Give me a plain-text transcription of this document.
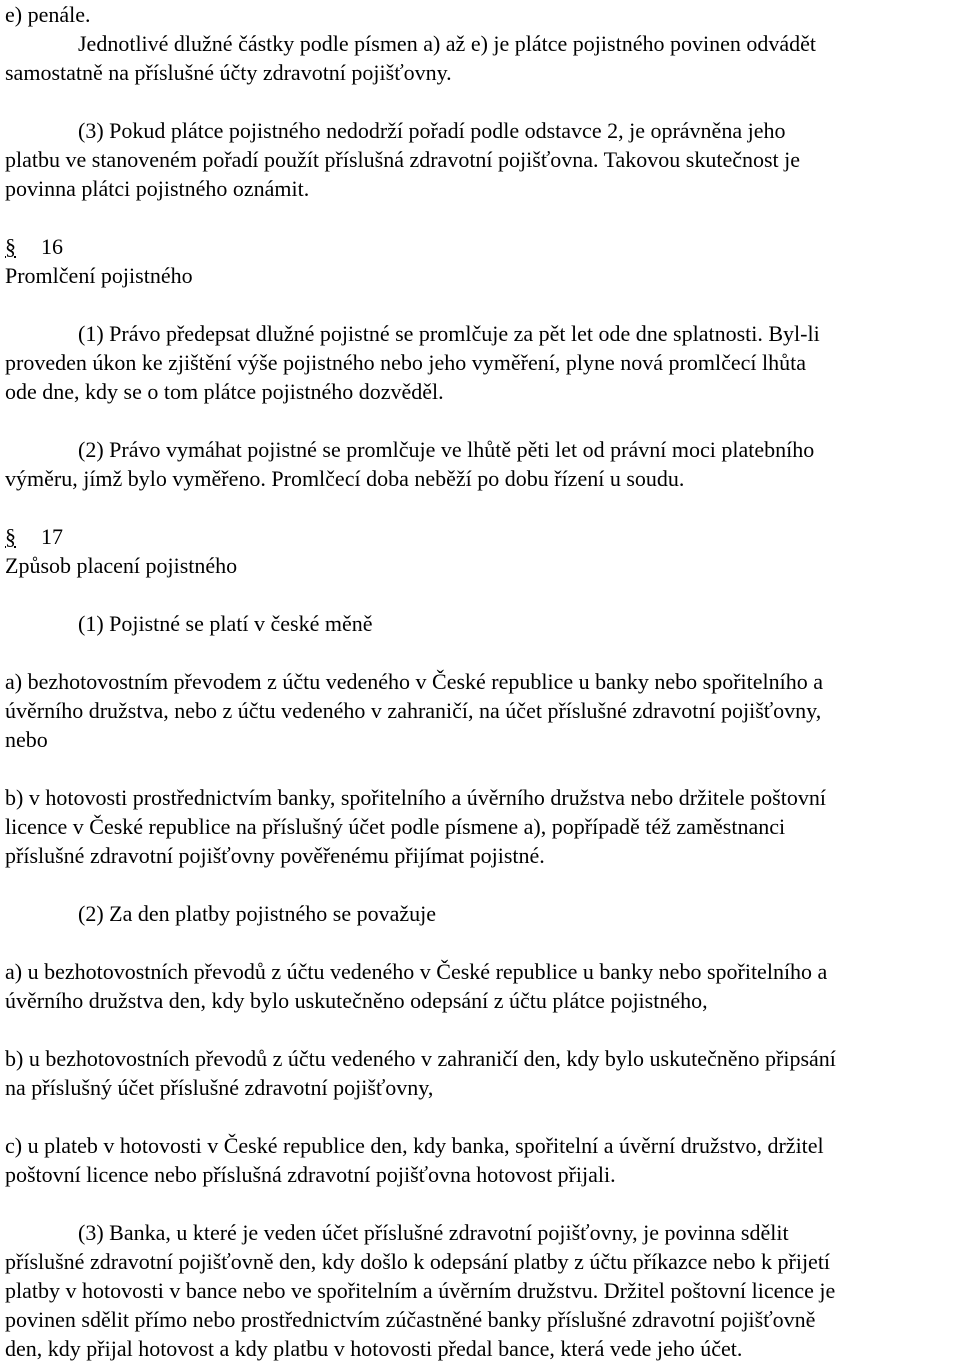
e) penále.
Jednotlivé dlužné částky podle písmen a) až e) je plátce pojistného povinen odvádět
samostatně na příslušné účty zdravotní pojišťovny.
(3) Pokud plátce pojistného nedodrží pořadí podle odstavce 2, je oprávněna jeho
platbu ve stanoveném pořadí použít příslušná zdravotní pojišťovna. Takovou skutečnost je
povinna plátci pojistného oznámit.
§ 16
Promlčení pojistného
(1) Právo předepsat dlužné pojistné se promlčuje za pět let ode dne splatnosti. Byl-li
proveden úkon ke zjištění výše pojistného nebo jeho vyměření, plyne nová promlčecí lhůta
ode dne, kdy se o tom plátce pojistného dozvěděl.
(2) Právo vymáhat pojistné se promlčuje ve lhůtě pěti let od právní moci platebního
výměru, jímž bylo vyměřeno. Promlčecí doba neběží po dobu řízení u soudu.
§ 17
Způsob placení pojistného
(1) Pojistné se platí v české měně
a) bezhotovostním převodem z účtu vedeného v České republice u banky nebo spořitelního a
úvěrního družstva, nebo z účtu vedeného v zahraničí, na účet příslušné zdravotní pojišťovny,
nebo
b) v hotovosti prostřednictvím banky, spořitelního a úvěrního družstva nebo držitele poštovní
licence v České republice na příslušný účet podle písmene a), popřípadě též zaměstnanci
příslušné zdravotní pojišťovny pověřenému přijímat pojistné.
(2) Za den platby pojistného se považuje
a) u bezhotovostních převodů z účtu vedeného v České republice u banky nebo spořitelního a
úvěrního družstva den, kdy bylo uskutečněno odepsání z účtu plátce pojistného,
b) u bezhotovostních převodů z účtu vedeného v zahraničí den, kdy bylo uskutečněno připsání
na příslušný účet příslušné zdravotní pojišťovny,
c) u plateb v hotovosti v České republice den, kdy banka, spořitelní a úvěrní družstvo, držitel
poštovní licence nebo příslušná zdravotní pojišťovna hotovost přijali.
(3) Banka, u které je veden účet příslušné zdravotní pojišťovny, je povinna sdělit
příslušné zdravotní pojišťovně den, kdy došlo k odepsání platby z účtu příkazce nebo k přijetí
platby v hotovosti v bance nebo ve spořitelním a úvěrním družstvu. Držitel poštovní licence je
povinen sdělit přímo nebo prostřednictvím zúčastněné banky příslušné zdravotní pojišťovně
den, kdy přijal hotovost a kdy platbu v hotovosti předal bance, která vede jeho účet.
